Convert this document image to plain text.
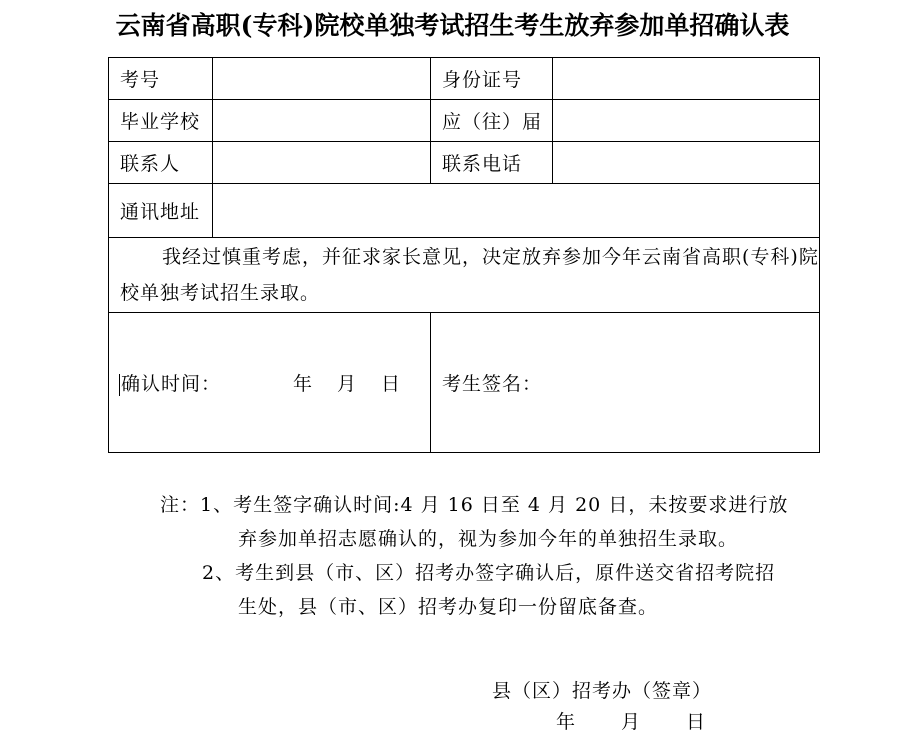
云南省高职(专科)院校单独考试招生考生放弃参加单招确认表
考号		身份证号	
毕业学校		应（往）届	
联系人		联系电话	
通讯地址			
我经过慎重考虑，并征求家长意见，决定放弃参加今年云南省高职(专科)院校单独考试招生录取。			
确认时间： 年 月 日		考生签名：	
注：1、考生签字确认时间:4 月 16 日至 4 月 20 日，未按要求进行放
弃参加单招志愿确认的，视为参加今年的单独招生录取。
2、考生到县（市、区）招考办签字确认后，原件送交省招考院招
生处，县（市、区）招考办复印一份留底备查。
县（区）招考办（签章）
年 月 日
